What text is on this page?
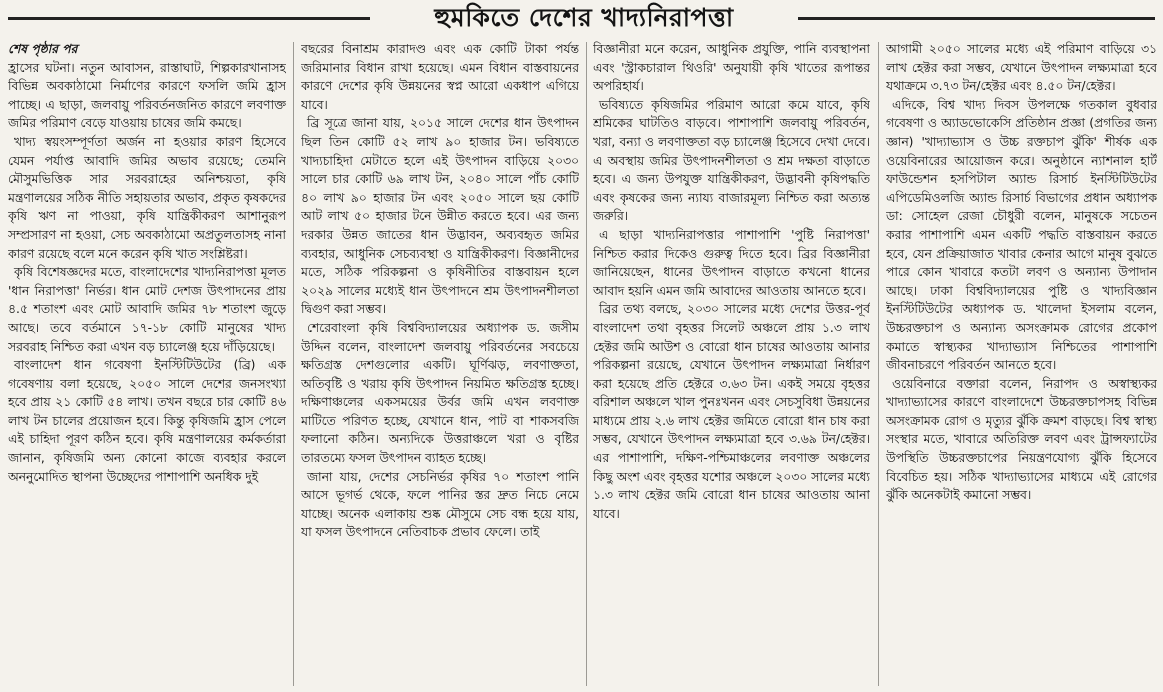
হুমকিতে দেশের খাদ্যনিরাপত্তা
শেষ পৃষ্ঠার পর

হ্রাসের ঘটনা। নতুন আবাসন, রাস্তাঘাট, শিল্পকারখানাসহ বিভিন্ন অবকাঠামো নির্মাণের কারণে ফসলি জমি হ্রাস পাচ্ছে। এ ছাড়া, জলবায়ু পরিবর্তনজনিত কারণে লবণাক্ত জমির পরিমাণ বেড়ে যাওয়ায় চাষের জমি কমছে।

খাদ্য স্বয়ংসম্পূর্ণতা অর্জন না হওয়ার কারণ হিসেবে যেমন পর্যাপ্ত আবাদি জমির অভাব রয়েছে; তেমনি মৌসুমভিত্তিক সার সরবরাহের অনিশ্চয়তা, কৃষি মন্ত্রণালয়ের সঠিক নীতি সহায়তার অভাব, প্রকৃত কৃষকদের কৃষি ঋণ না পাওয়া, কৃষি যান্ত্রিকীকরণ আশানুরূপ সম্প্রসারণ না হওয়া, সেচ অবকাঠামো অপ্রতুলতাসহ নানা কারণ রয়েছে বলে মনে করেন কৃষি খাত সংশ্লিষ্টরা।

কৃষি বিশেষজ্ঞদের মতে, বাংলাদেশের খাদ্যনিরাপত্তা মূলত 'ধান নিরাপত্তা' নির্ভর। ধান মোট দেশজ উৎপাদনের প্রায় ৪.৫ শতাংশ এবং মোট আবাদি জমির ৭৮ শতাংশ জুড়ে আছে। তবে বর্তমানে ১৭-১৮ কোটি মানুষের খাদ্য সরবরাহ নিশ্চিত করা এখন বড় চ্যালেঞ্জ হয়ে দাঁড়িয়েছে।

বাংলাদেশ ধান গবেষণা ইনস্টিটিউটের (ব্রি) এক গবেষণায় বলা হয়েছে, ২০৫০ সালে দেশের জনসংখ্যা হবে প্রায় ২১ কোটি ৫৪ লাখ। তখন বছরে চার কোটি ৪৬ লাখ টন চালের প্রয়োজন হবে। কিন্তু কৃষিজমি হ্রাস পেলে এই চাহিদা পূরণ কঠিন হবে। কৃষি মন্ত্রণালয়ের কর্মকর্তারা জানান, কৃষিজমি অন্য কোনো কাজে ব্যবহার করলে অননুমোদিত স্থাপনা উচ্ছেদের পাশাপাশি অনধিক দুই

বছরের বিনাশ্রম কারাদণ্ড এবং এক কোটি টাকা পর্যন্ত জরিমানার বিধান রাখা হয়েছে। এমন বিধান বাস্তবায়নের কারণে দেশের কৃষি উন্নয়নের স্বপ্ন আরো একধাপ এগিয়ে যাবে।

ব্রি সূত্রে জানা যায়, ২০১৫ সালে দেশের ধান উৎপাদন ছিল তিন কোটি ৫২ লাখ ৯০ হাজার টন। ভবিষ্যতে খাদ্যচাহিদা মেটাতে হলে এই উৎপাদন বাড়িয়ে ২০৩০ সালে চার কোটি ৬৯ লাখ টন, ২০৪০ সালে পাঁচ কোটি ৪০ লাখ ৯০ হাজার টন এবং ২০৫০ সালে ছয় কোটি আট লাখ ৫০ হাজার টনে উন্নীত করতে হবে। এর জন্য দরকার উন্নত জাতের ধান উদ্ভাবন, অব্যবহৃত জমির ব্যবহার, আধুনিক সেচব্যবস্থা ও যান্ত্রিকীকরণ। বিজ্ঞানীদের মতে, সঠিক পরিকল্পনা ও কৃষিনীতির বাস্তবায়ন হলে ২০২৯ সালের মধ্যেই ধান উৎপাদনে শ্রম উৎপাদনশীলতা দ্বিগুণ করা সম্ভব।

শেরেবাংলা কৃষি বিশ্ববিদ্যালয়ের অধ্যাপক ড. জসীম উদ্দিন বলেন, বাংলাদেশ জলবায়ু পরিবর্তনের সবচেয়ে ক্ষতিগ্রস্ত দেশগুলোর একটি। ঘূর্ণিঝড়, লবণাক্ততা, অতিবৃষ্টি ও খরায় কৃষি উৎপাদন নিয়মিত ক্ষতিগ্রস্ত হচ্ছে। দক্ষিণাঞ্চলের একসময়ের উর্বর জমি এখন লবণাক্ত মাটিতে পরিণত হচ্ছে, যেখানে ধান, পাট বা শাকসবজি ফলানো কঠিন। অন্যদিকে উত্তরাঞ্চলে খরা ও বৃষ্টির তারতম্যে ফসল উৎপাদন ব্যাহত হচ্ছে।

জানা যায়, দেশের সেচনির্ভর কৃষির ৭০ শতাংশ পানি আসে ভূগর্ভ থেকে, ফলে পানির স্তর দ্রুত নিচে নেমে যাচ্ছে। অনেক এলাকায় শুষ্ক মৌসুমে সেচ বন্ধ হয়ে যায়, যা ফসল উৎপাদনে নেতিবাচক প্রভাব ফেলে। তাই

বিজ্ঞানীরা মনে করেন, আধুনিক প্রযুক্তি, পানি ব্যবস্থাপনা এবং 'স্ট্রাকচারাল থিওরি' অনুযায়ী কৃষি খাতের রূপান্তর অপরিহার্য।

ভবিষ্যতে কৃষিজমির পরিমাণ আরো কমে যাবে, কৃষি শ্রমিকের ঘাটতিও বাড়বে। পাশাপাশি জলবায়ু পরিবর্তন, খরা, বন্যা ও লবণাক্ততা বড় চ্যালেঞ্জ হিসেবে দেখা দেবে। এ অবস্থায় জমির উৎপাদনশীলতা ও শ্রম দক্ষতা বাড়াতে হবে। এ জন্য উপযুক্ত যান্ত্রিকীকরণ, উদ্ভাবনী কৃষিপদ্ধতি এবং কৃষকের জন্য ন্যায্য বাজারমূল্য নিশ্চিত করা অত্যন্ত জরুরি।

এ ছাড়া খাদ্যনিরাপত্তার পাশাপাশি 'পুষ্টি নিরাপত্তা' নিশ্চিত করার দিকেও গুরুত্ব দিতে হবে। ব্রির বিজ্ঞানীরা জানিয়েছেন, ধানের উৎপাদন বাড়াতে কখনো ধানের আবাদ হয়নি এমন জমি আবাদের আওতায় আনতে হবে।

ব্রির তথ্য বলছে, ২০৩০ সালের মধ্যে দেশের উত্তর-পূর্ব বাংলাদেশ তথা বৃহত্তর সিলেট অঞ্চলে প্রায় ১.৩ লাখ হেক্টর জমি আউশ ও বোরো ধান চাষের আওতায় আনার পরিকল্পনা রয়েছে, যেখানে উৎপাদন লক্ষ্যমাত্রা নির্ধারণ করা হয়েছে প্রতি হেক্টরে ৩.৬৩ টন। একই সময়ে বৃহত্তর বরিশাল অঞ্চলে খাল পুনঃখনন এবং সেচসুবিধা উন্নয়নের মাধ্যমে প্রায় ২.৬ লাখ হেক্টর জমিতে বোরো ধান চাষ করা সম্ভব, যেখানে উৎপাদন লক্ষ্যমাত্রা হবে ৩.৬৯ টন/হেক্টর। এর পাশাপাশি, দক্ষিণ-পশ্চিমাঞ্চলের লবণাক্ত অঞ্চলের কিছু অংশ এবং বৃহত্তর যশোর অঞ্চলে ২০৩০ সালের মধ্যে ১.৩ লাখ হেক্টর জমি বোরো ধান চাষের আওতায় আনা যাবে।

আগামী ২০৫০ সালের মধ্যে এই পরিমাণ বাড়িয়ে ৩১ লাখ হেক্টর করা সম্ভব, যেখানে উৎপাদন লক্ষ্যমাত্রা হবে যথাক্রমে ৩.৭৩ টন/হেক্টর এবং ৪.৫০ টন/হেক্টর।

এদিকে, বিশ্ব খাদ্য দিবস উপলক্ষে গতকাল বুধবার গবেষণা ও অ্যাডভোকেসি প্রতিষ্ঠান প্রজ্ঞা (প্রগতির জন্য জ্ঞান) 'খাদ্যাভ্যাস ও উচ্চ রক্তচাপ ঝুঁকি' শীর্ষক এক ওয়েবিনারের আয়োজন করে। অনুষ্ঠানে ন্যাশনাল হার্ট ফাউন্ডেশন হসপিটাল অ্যান্ড রিসার্চ ইনস্টিটিউটের এপিডেমিওলজি অ্যান্ড রিসার্চ বিভাগের প্রধান অধ্যাপক ডা: সোহেল রেজা চৌধুরী বলেন, মানুষকে সচেতন করার পাশাপাশি এমন একটি পদ্ধতি বাস্তবায়ন করতে হবে, যেন প্রক্রিয়াজাত খাবার কেনার আগে মানুষ বুঝতে পারে কোন খাবারে কতটা লবণ ও অন্যান্য উপাদান আছে। ঢাকা বিশ্ববিদ্যালয়ের পুষ্টি ও খাদ্যবিজ্ঞান ইনস্টিটিউটের অধ্যাপক ড. খালেদা ইসলাম বলেন, উচ্চরক্তচাপ ও অন্যান্য অসংক্রামক রোগের প্রকোপ কমাতে স্বাস্থ্যকর খাদ্যাভ্যাস নিশ্চিতের পাশাপাশি জীবনাচরণে পরিবর্তন আনতে হবে।

ওয়েবিনারে বক্তারা বলেন, নিরাপদ ও অস্বাস্থ্যকর খাদ্যাভ্যাসের কারণে বাংলাদেশে উচ্চরক্তচাপসহ বিভিন্ন অসংক্রামক রোগ ও মৃত্যুর ঝুঁকি ক্রমশ বাড়ছে। বিশ্ব স্বাস্থ্য সংস্থার মতে, খাবারে অতিরিক্ত লবণ এবং ট্রান্সফ্যাটের উপস্থিতি উচ্চরক্তচাপের নিয়ন্ত্রণযোগ্য ঝুঁকি হিসেবে বিবেচিত হয়। সঠিক খাদ্যাভ্যাসের মাধ্যমে এই রোগের ঝুঁকি অনেকটাই কমানো সম্ভব।
